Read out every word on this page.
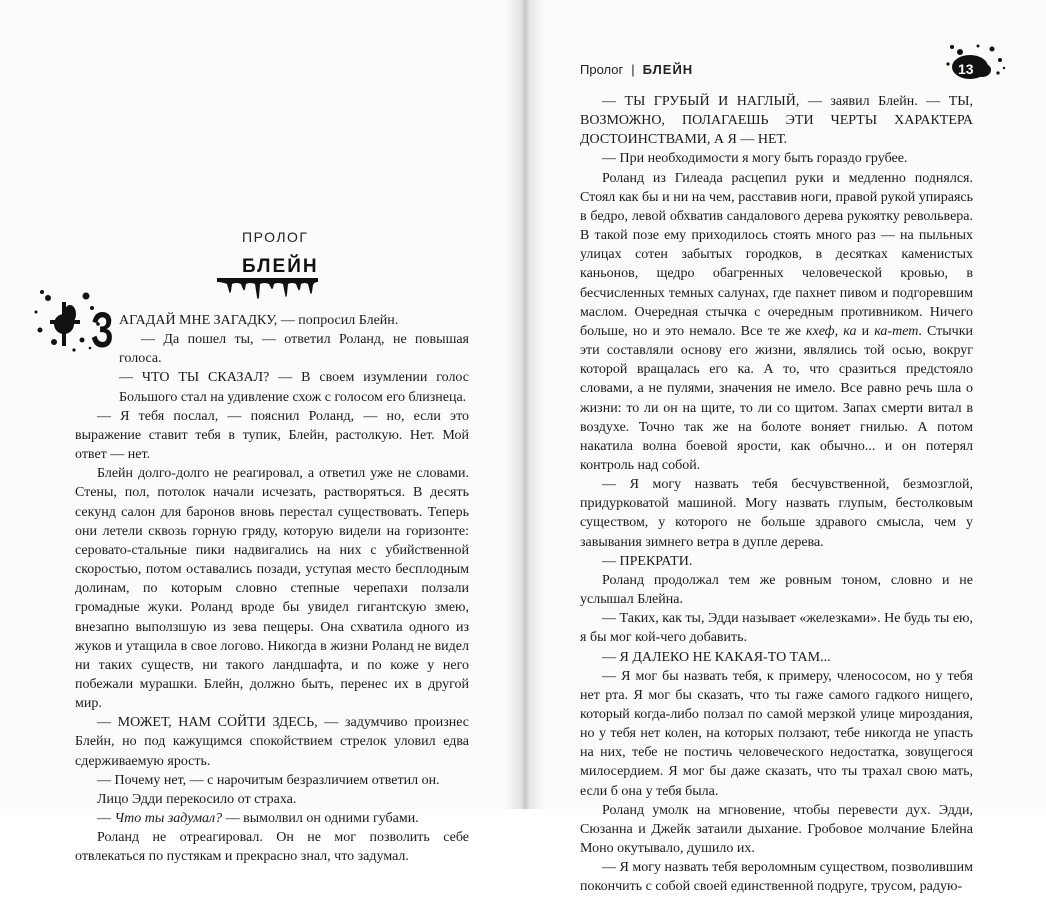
ПРОЛОГ
БЛЕЙН
З АГАДАЙ МНЕ ЗАГАДКУ, — попросил Блейн.

— Да пошел ты, — ответил Роланд, не повышая голоса.

— ЧТО ТЫ СКАЗАЛ? — В своем изумлении голос Большого стал на удивление схож с голосом его близнеца.

— Я тебя послал, — пояснил Роланд, — но, если это выражение ставит тебя в тупик, Блейн, растолкую. Нет. Мой ответ — нет.

Блейн долго-долго не реагировал, а ответил уже не словами. Стены, пол, потолок начали исчезать, растворяться. В десять секунд салон для баронов вновь перестал существовать. Теперь они летели сквозь горную гряду, которую видели на горизонте: серовато-стальные пики надвигались на них с убийственной скоростью, потом оставались позади, уступая место бесплодным долинам, по которым словно степные черепахи ползали громадные жуки. Роланд вроде бы увидел гигантскую змею, внезапно выползшую из зева пещеры. Она схватила одного из жуков и утащила в свое логово. Никогда в жизни Роланд не видел ни таких существ, ни такого ландшафта, и по коже у него побежали мурашки. Блейн, должно быть, перенес их в другой мир.

— МОЖЕТ, НАМ СОЙТИ ЗДЕСЬ, — задумчиво произнес Блейн, но под кажущимся спокойствием стрелок уловил едва сдерживаемую ярость.

— Почему нет, — с нарочитым безразличием ответил он.

Лицо Эдди перекосило от страха.

— Что ты задумал? — вымолвил он одними губами.

Роланд не отреагировал. Он не мог позволить себе отвлекаться по пустякам и прекрасно знал, что задумал.

Пролог | БЛЕЙН	13

— ТЫ ГРУБЫЙ И НАГЛЫЙ, — заявил Блейн. — ТЫ, ВОЗМОЖНО, ПОЛАГАЕШЬ ЭТИ ЧЕРТЫ ХАРАКТЕРА ДОСТОИНСТВАМИ, А Я — НЕТ.

— При необходимости я могу быть гораздо грубее.

Роланд из Гилеада расцепил руки и медленно поднялся. Стоял как бы и ни на чем, расставив ноги, правой рукой упираясь в бедро, левой обхватив сандалового дерева рукоятку револьвера. В такой позе ему приходилось стоять много раз — на пыльных улицах сотен забытых городков, в десятках каменистых каньонов, щедро обагренных человеческой кровью, в бесчисленных темных салунах, где пахнет пивом и подгоревшим маслом. Очередная стычка с очередным противником. Ничего больше, но и это немало. Все те же кхеф, ка и ка-тет. Стычки эти составляли основу его жизни, являлись той осью, вокруг которой вращалась его ка. А то, что сразиться предстояло словами, а не пулями, значения не имело. Все равно речь шла о жизни: то ли он на щите, то ли со щитом. Запах смерти витал в воздухе. Точно так же на болоте воняет гнилью. А потом накатила волна боевой ярости, как обычно... и он потерял контроль над собой.

— Я могу назвать тебя бесчувственной, безмозглой, придурковатой машиной. Могу назвать глупым, бестолковым существом, у которого не больше здравого смысла, чем у завывания зимнего ветра в дупле дерева.

— ПРЕКРАТИ.

Роланд продолжал тем же ровным тоном, словно и не услышал Блейна.

— Таких, как ты, Эдди называет «железками». Не будь ты ею, я бы мог кой-чего добавить.

— Я ДАЛЕКО НЕ КАКАЯ-ТО ТАМ...

— Я мог бы назвать тебя, к примеру, членососом, но у тебя нет рта. Я мог бы сказать, что ты гаже самого гадкого нищего, который когда-либо ползал по самой мерзкой улице мироздания, но у тебя нет колен, на которых ползают, тебе никогда не упасть на них, тебе не постичь человеческого недостатка, зовущегося милосердием. Я мог бы даже сказать, что ты трахал свою мать, если б она у тебя была.

Роланд умолк на мгновение, чтобы перевести дух. Эдди, Сюзанна и Джейк затаили дыхание. Гробовое молчание Блейна Моно окутывало, душило их.

— Я могу назвать тебя вероломным существом, позволившим покончить с собой своей единственной подруге, трусом, радую-
